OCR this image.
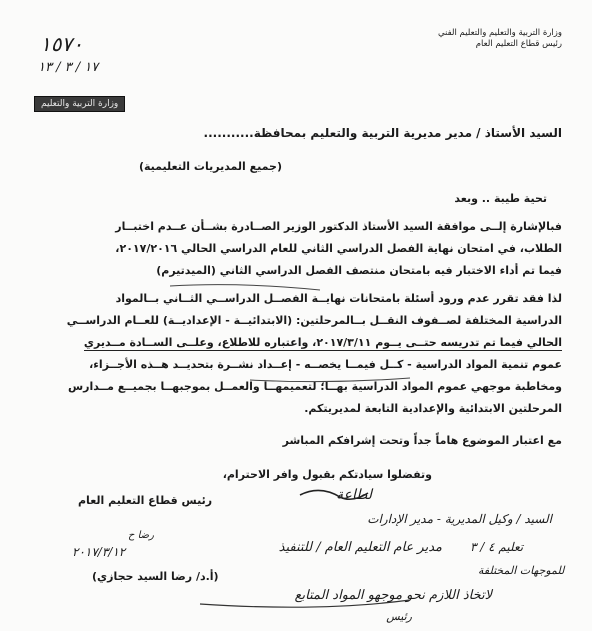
وزارة التربية والتعليم والتعليم الفني
رئيس قطاع التعليم العام
١٥٧٠
١٧ / ٣ / ١٣
وزارة التربية والتعليم
السيد الأستاذ / مدير مديرية التربية والتعليم بمحافظة...........
(جميع المديريات التعليمية)
تحية طيبة .. وبعد
فبالإشارة إلــى موافقة السيد الأستاذ الدكتور الوزير الصــادرة بشــأن عــدم اختبــار
الطلاب، في امتحان نهاية الفصل الدراسي الثاني للعام الدراسي الحالي ٢٠١٧/٢٠١٦،
فيما تم أداء الاختبار فيه بامتحان منتصف الفصل الدراسي الثاني (الميدتيرم)
لذا فقد تقرر عدم ورود أسئلة بامتحانات نهايــة الفصــل الدراســي الثــاني بــالمواد
الدراسية المختلفة لصــفوف النقــل بــالمرحلتين: (الابتدائيــة - الإعداديــة) للعــام الدراســي
الحالي فيما تم تدريسه حتــى يــوم ٢٠١٧/٣/١١، واعتباره للاطلاع، وعلــى الســادة مــديري
عموم تنمية المواد الدراسية - كــل فيمــا يخصــه - إعــداد نشــرة بتحديــد هــذه الأجــزاء،
ومخاطبة موجهي عموم المواد الدراسية بهــا؛ لتعميمهــا والعمــل بموجبهــا بجميــع مــدارس
المرحلتين الابتدائية والإعدادية التابعة لمديريتكم.
مع اعتبار الموضوع هاماً جداً وتحت إشرافكم المباشر
وتفضلوا سيادتكم بقبول وافر الاحترام،
رئيس قطاع التعليم العام
(أ.د/ رضا السيد حجازي)
لطاعة
السيد / وكيل المديرية - مدير الإدارات
مدير عام التعليم العام / للتنفيذ
لاتخاذ اللازم نحو موجهو المواد المتابع
رئيس
تعليم ٤ / ٣
للموجهات المختلفة
٢٠١٧/٣/١٢
رضا ح
